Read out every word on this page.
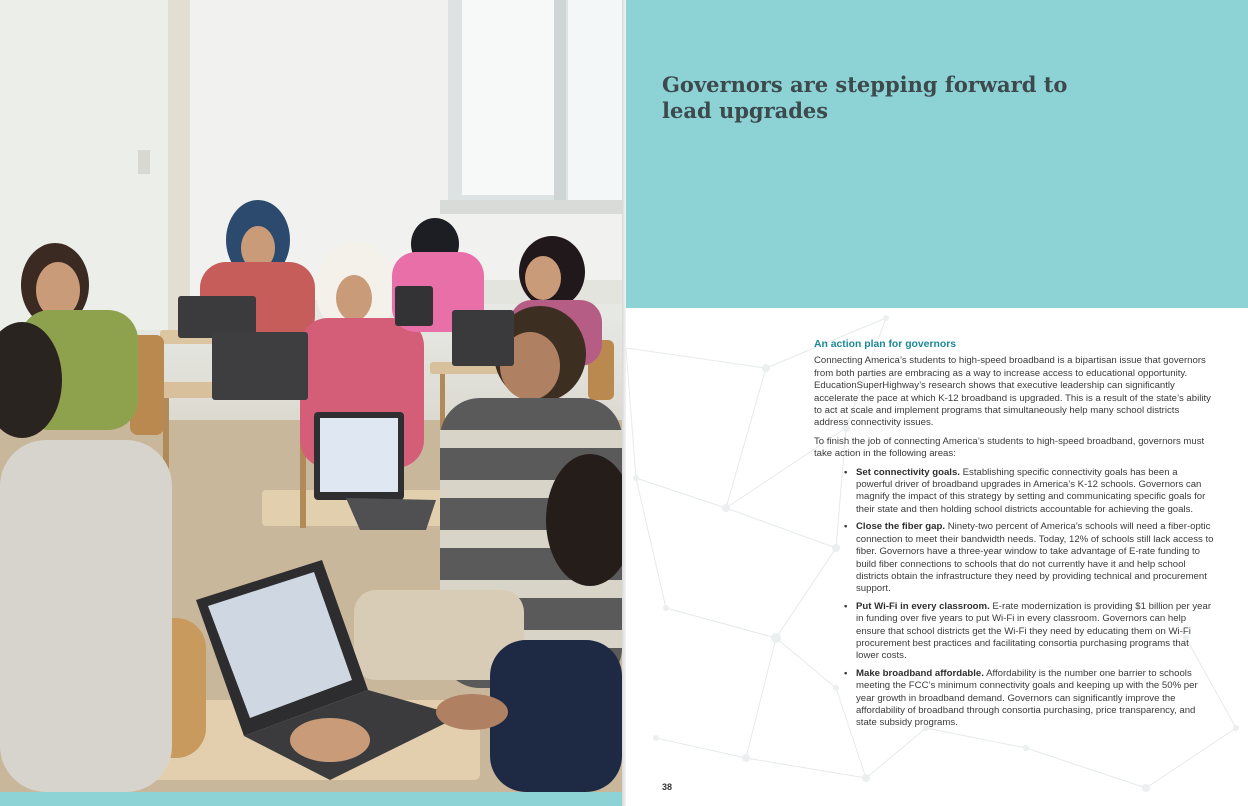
Governors are stepping forward to lead upgrades
An action plan for governors

Connecting America’s students to high-speed broadband is a bipartisan issue that governors from both parties are embracing as a way to increase access to educational opportunity. EducationSuperHighway’s research shows that executive leadership can significantly accelerate the pace at which K-12 broadband is upgraded. This is a result of the state’s ability to act at scale and implement programs that simultaneously help many school districts address connectivity issues.

To finish the job of connecting America’s students to high-speed broadband, governors must take action in the following areas:

• Set connectivity goals. Establishing specific connectivity goals has been a powerful driver of broadband upgrades in America’s K-12 schools. Governors can magnify the impact of this strategy by setting and communicating specific goals for their state and then holding school districts accountable for achieving the goals.
• Close the fiber gap. Ninety-two percent of America’s schools will need a fiber-optic connection to meet their bandwidth needs. Today, 12% of schools still lack access to fiber. Governors have a three-year window to take advantage of E-rate funding to build fiber connections to schools that do not currently have it and help school districts obtain the infrastructure they need by providing technical and procurement support.
• Put Wi-Fi in every classroom. E-rate modernization is providing $1 billion per year in funding over five years to put Wi-Fi in every classroom. Governors can help ensure that school districts get the Wi-Fi they need by educating them on Wi-Fi procurement best practices and facilitating consortia purchasing programs that lower costs.
• Make broadband affordable. Affordability is the number one barrier to schools meeting the FCC’s minimum connectivity goals and keeping up with the 50% per year growth in broadband demand. Governors can significantly improve the affordability of broadband through consortia purchasing, price transparency, and state subsidy programs.
38
